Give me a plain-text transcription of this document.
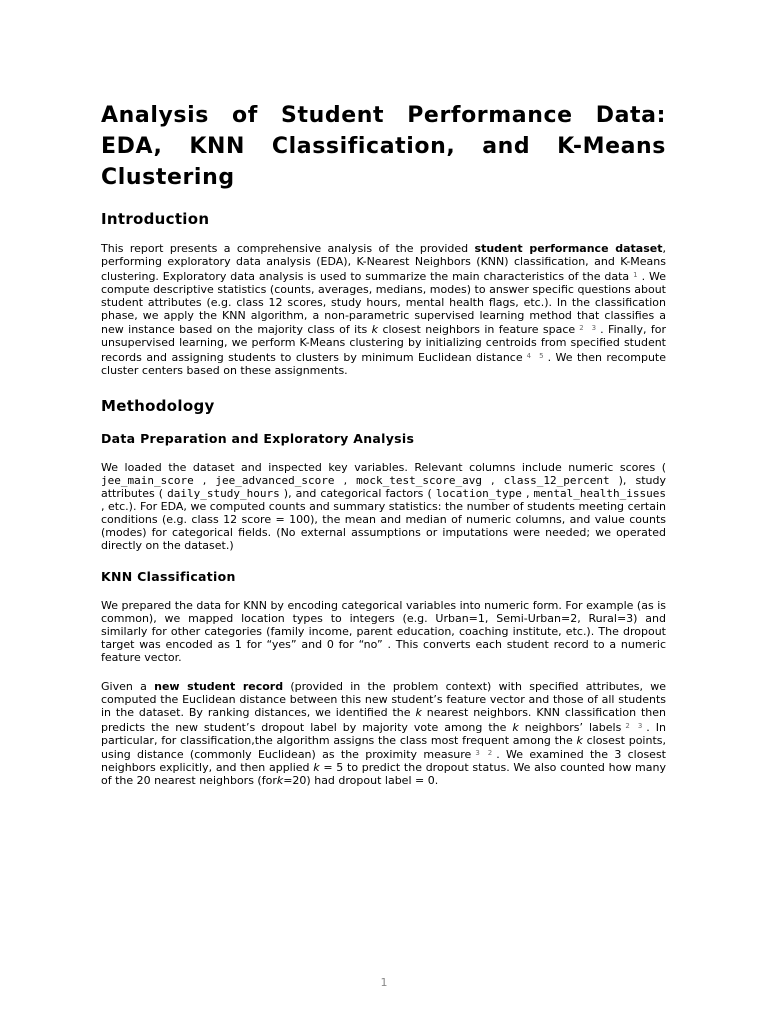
Analysis of Student Performance Data: EDA, KNN Classification, and K-Means Clustering
Introduction

This report presents a comprehensive analysis of the provided student performance dataset, performing exploratory data analysis (EDA), K-Nearest Neighbors (KNN) classification, and K-Means clustering. Exploratory data analysis is used to summarize the main characteristics of the data $^1$ . We compute descriptive statistics (counts, averages, medians, modes) to answer specific questions about student attributes (e.g. class 12 scores, study hours, mental health flags, etc.). In the classification phase, we apply the KNN algorithm, a non-parametric supervised learning method that classifies a new instance based on the majority class of its k closest neighbors in feature space $^2$ $^3$ . Finally, for unsupervised learning, we perform K-Means clustering by initializing centroids from specified student records and assigning students to clusters by minimum Euclidean distance $^4$ $^5$ . We then recompute cluster centers based on these assignments.

Methodology
Data Preparation and Exploratory Analysis

We loaded the dataset and inspected key variables. Relevant columns include numeric scores ( jee_main_score , jee_advanced_score , mock_test_score_avg , class_12_percent ), study attributes ( daily_study_hours ), and categorical factors ( location_type , mental_health_issues , etc.). For EDA, we computed counts and summary statistics: the number of students meeting certain conditions (e.g. class 12 score = 100), the mean and median of numeric columns, and value counts (modes) for categorical fields. (No external assumptions or imputations were needed; we operated directly on the dataset.)

KNN Classification

We prepared the data for KNN by encoding categorical variables into numeric form. For example (as is common), we mapped location types to integers (e.g. Urban=1, Semi-Urban=2, Rural=3) and similarly for other categories (family income, parent education, coaching institute, etc.). The dropout target was encoded as 1 for “yes” and 0 for “no” . This converts each student record to a numeric feature vector.

Given a new student record (provided in the problem context) with specified attributes, we computed the Euclidean distance between this new student’s feature vector and those of all students in the dataset. By ranking distances, we identified the k nearest neighbors. KNN classification then predicts the new student’s dropout label by majority vote among the k neighbors’ labels $^2$ $^3$ . In particular, for classification,the algorithm assigns the class most frequent among the k closest points, using distance (commonly Euclidean) as the proximity measure $^3$ $^2$ . We examined the 3 closest neighbors explicitly, and then applied k = 5 to predict the dropout status. We also counted how many of the 20 nearest neighbors (fork=20) had dropout label = 0.

1
